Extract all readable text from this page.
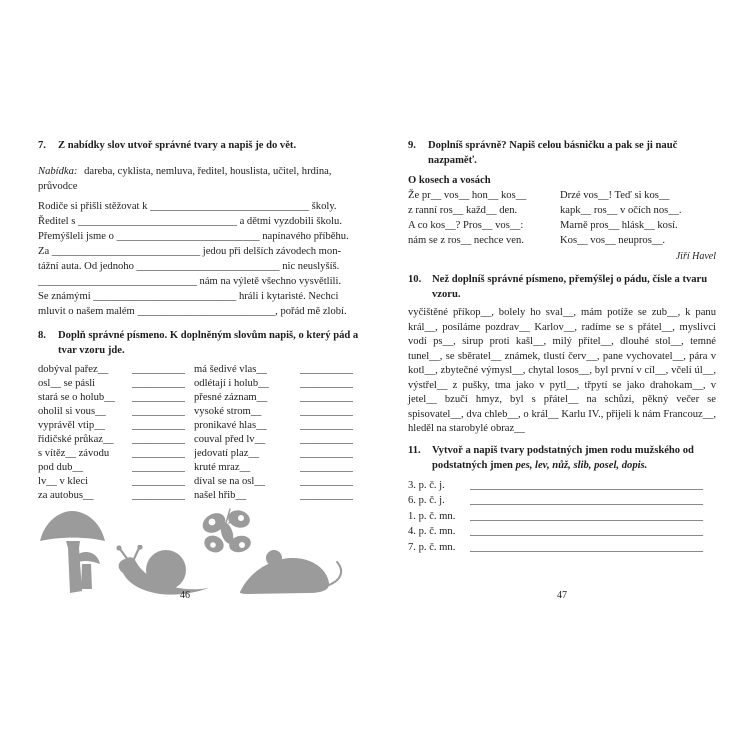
7.	Z nabídky slov utvoř správné tvary a napiš je do vět.

Nabídka: dareba, cyklista, nemluva, ředitel, houslista, učitel, hrdina, průvodce

Rodiče si přišli stěžovat k ______________________________ školy.
Ředitel s ______________________________ a dětmi vyzdobili školu.
Přemýšleli jsme o ___________________________ napínavého příběhu.
Za ____________________________ jedou při delších závodech mon-
tážní auta. Od jednoho ___________________________ nic neuslyšíš.
______________________________ nám na výletě všechno vysvětlili.
Se známými ___________________________ hráli i kytaristé. Nechci
mluvit o našem malém __________________________, pořád mě zlobí.
8.	Doplň správné písmeno. K doplněným slovům napiš, o který pád a tvar vzoru jde.
dobýval pařez__	__________ má šedivé vlas__	__________
osl__ se pásli	__________ odlétají i holub__	__________
stará se o holub__	__________ přesné záznam__	__________
oholil si vous__	__________ vysoké strom__	__________
vyprávěl vtip__	__________ pronikavé hlas__	__________
řidičské průkaz__	__________ couval před lv__	__________
s vítěz__ závodu	__________ jedovatí plaz__	__________
pod dub__	__________ kruté mraz__	__________
lv__ v kleci	__________ díval se na osl__	__________
za autobus__	__________ našel hřib__	__________
46
9.	Doplníš správně? Napiš celou básničku a pak se ji nauč nazpaměť.
O kosech a vosách
Že pr__ vos__ hon__ kos__
z ranní ros__ každ__ den.
A co kos__? Pros__ vos__:
nám se z ros__ nechce ven.
Drzé vos__! Teď si kos__
kapk__ ros__ v očích nos__.
Marně pros__ hlásk__ kosí.
Kos__ vos__ neupros__.
Jiří Havel
10.	Než doplníš správné písmeno, přemýšlej o pádu, čísle a tvaru vzoru.
vyčištěné příkop__, bolely ho sval__, mám potíže se zub__, k panu král__, posíláme pozdrav__ Karlov__, radíme se s přátel__, myslivci vodí ps__, sirup proti kašl__, milý přítel__, dlouhé stol__, temné tunel__, se sběratel__ známek, tlustí červ__, pane vychovatel__, pára v kotl__, zbytečné výmysl__, chytal losos__, byl první v cíl__, včelí úl__, výstřel__ z pušky, tma jako v pytl__, třpytí se jako drahokam__, v jetel__ bzučí hmyz, byl s přátel__ na schůzi, pěkný večer se spisovatel__, dva chleb__, o král__ Karlu IV., přijeli k nám Francouz__, hleděl na starobylé obraz__
11.	Vytvoř a napiš tvary podstatných jmen rodu mužského od podstatných jmen pes, lev, nůž, slib, posel, dopis.
3. p. č. j.	____________________________________________
6. p. č. j.	____________________________________________
1. p. č. mn.	____________________________________________
4. p. č. mn.	____________________________________________
7. p. č. mn.	____________________________________________
47
